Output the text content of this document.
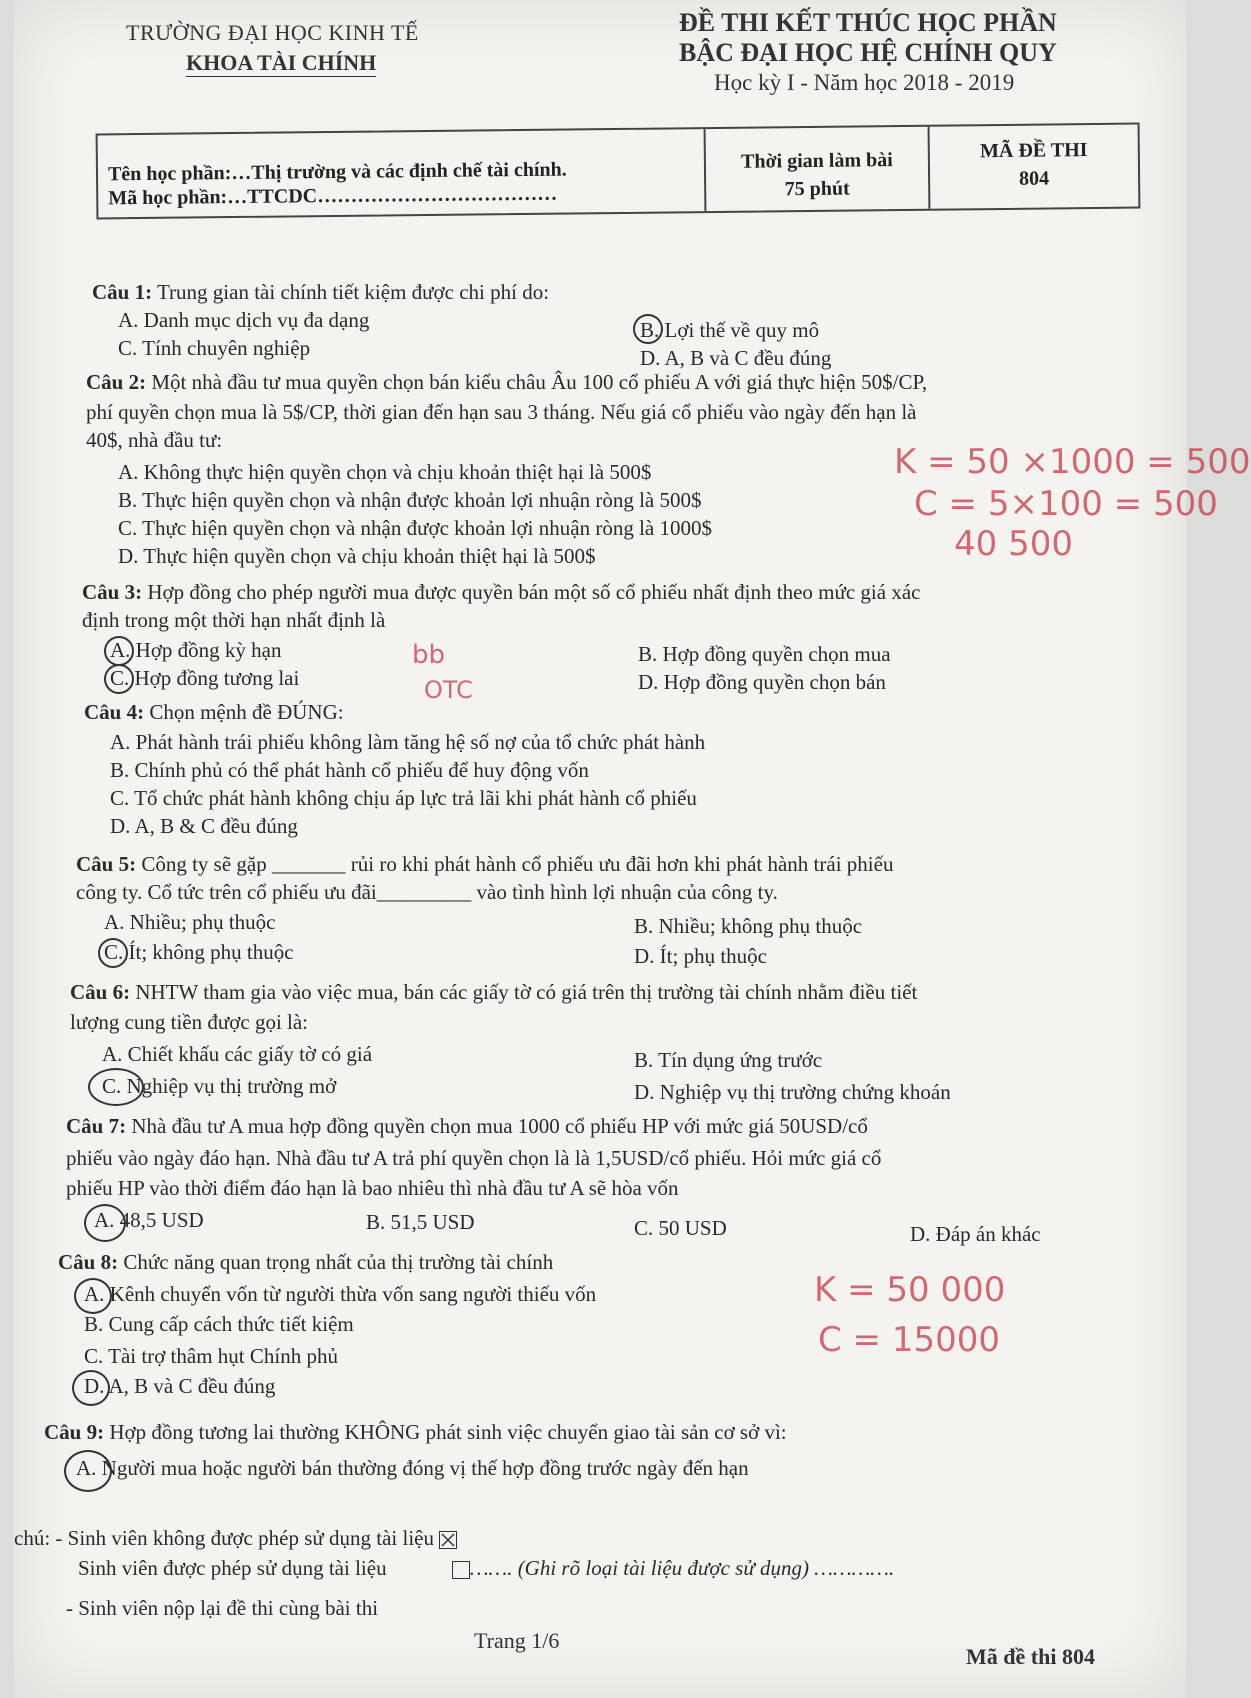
TRƯỜNG ĐẠI HỌC KINH TẾ
KHOA TÀI CHÍNH
ĐỀ THI KẾT THÚC HỌC PHẦN
BẬC ĐẠI HỌC HỆ CHÍNH QUY
Học kỳ I - Năm học 2018 - 2019
Tên học phần:…Thị trường và các định chế tài chính.
Mã học phần:…TTCDC………………………………
Thời gian làm bài
75 phút
MÃ ĐỀ THI
804
Câu 1: Trung gian tài chính tiết kiệm được chi phí do:
A. Danh mục dịch vụ đa dạng	B. Lợi thế về quy mô
C. Tính chuyên nghiệp	D. A, B và C đều đúng
Câu 2: Một nhà đầu tư mua quyền chọn bán kiểu châu Âu 100 cổ phiếu A với giá thực hiện 50$/CP,
phí quyền chọn mua là 5$/CP, thời gian đến hạn sau 3 tháng. Nếu giá cổ phiếu vào ngày đến hạn là
40$, nhà đầu tư:
A. Không thực hiện quyền chọn và chịu khoản thiệt hại là 500$
B. Thực hiện quyền chọn và nhận được khoản lợi nhuận ròng là 500$
C. Thực hiện quyền chọn và nhận được khoản lợi nhuận ròng là 1000$
D. Thực hiện quyền chọn và chịu khoản thiệt hại là 500$
Câu 3: Hợp đồng cho phép người mua được quyền bán một số cổ phiếu nhất định theo mức giá xác
định trong một thời hạn nhất định là
A. Hợp đồng kỳ hạn	B. Hợp đồng quyền chọn mua
C. Hợp đồng tương lai	D. Hợp đồng quyền chọn bán
Câu 4: Chọn mệnh đề ĐÚNG:
A. Phát hành trái phiếu không làm tăng hệ số nợ của tổ chức phát hành
B. Chính phủ có thể phát hành cổ phiếu để huy động vốn
C. Tổ chức phát hành không chịu áp lực trả lãi khi phát hành cổ phiếu
D. A, B & C đều đúng
Câu 5: Công ty sẽ gặp _______ rủi ro khi phát hành cổ phiếu ưu đãi hơn khi phát hành trái phiếu
công ty. Cổ tức trên cổ phiếu ưu đãi_________ vào tình hình lợi nhuận của công ty.
A. Nhiều; phụ thuộc	B. Nhiều; không phụ thuộc
C. Ít; không phụ thuộc	D. Ít; phụ thuộc
Câu 6: NHTW tham gia vào việc mua, bán các giấy tờ có giá trên thị trường tài chính nhằm điều tiết
lượng cung tiền được gọi là:
A. Chiết khấu các giấy tờ có giá	B. Tín dụng ứng trước
C. Nghiệp vụ thị trường mở	D. Nghiệp vụ thị trường chứng khoán
Câu 7: Nhà đầu tư A mua hợp đồng quyền chọn mua 1000 cổ phiếu HP với mức giá 50USD/cổ
phiếu vào ngày đáo hạn. Nhà đầu tư A trả phí quyền chọn là là 1,5USD/cổ phiếu. Hỏi mức giá cổ
phiếu HP vào thời điểm đáo hạn là bao nhiêu thì nhà đầu tư A sẽ hòa vốn
A. 48,5 USD	B. 51,5 USD	C. 50 USD	D. Đáp án khác
Câu 8: Chức năng quan trọng nhất của thị trường tài chính
A. Kênh chuyển vốn từ người thừa vốn sang người thiếu vốn
B. Cung cấp cách thức tiết kiệm
C. Tài trợ thâm hụt Chính phủ
D. A, B và C đều đúng
Câu 9: Hợp đồng tương lai thường KHÔNG phát sinh việc chuyển giao tài sản cơ sở vì:
A. Người mua hoặc người bán thường đóng vị thế hợp đồng trước ngày đến hạn
K = 50 ×1000 = 500
C = 5×100 = 500
40 500
bb
OTC
K = 50 000
C = 15000
chú: - Sinh viên không được phép sử dụng tài liệu
Sinh viên được phép sử dụng tài liệu	……. (Ghi rõ loại tài liệu được sử dụng) ………….
- Sinh viên nộp lại đề thi cùng bài thi
Trang 1/6
Mã đề thi 804
